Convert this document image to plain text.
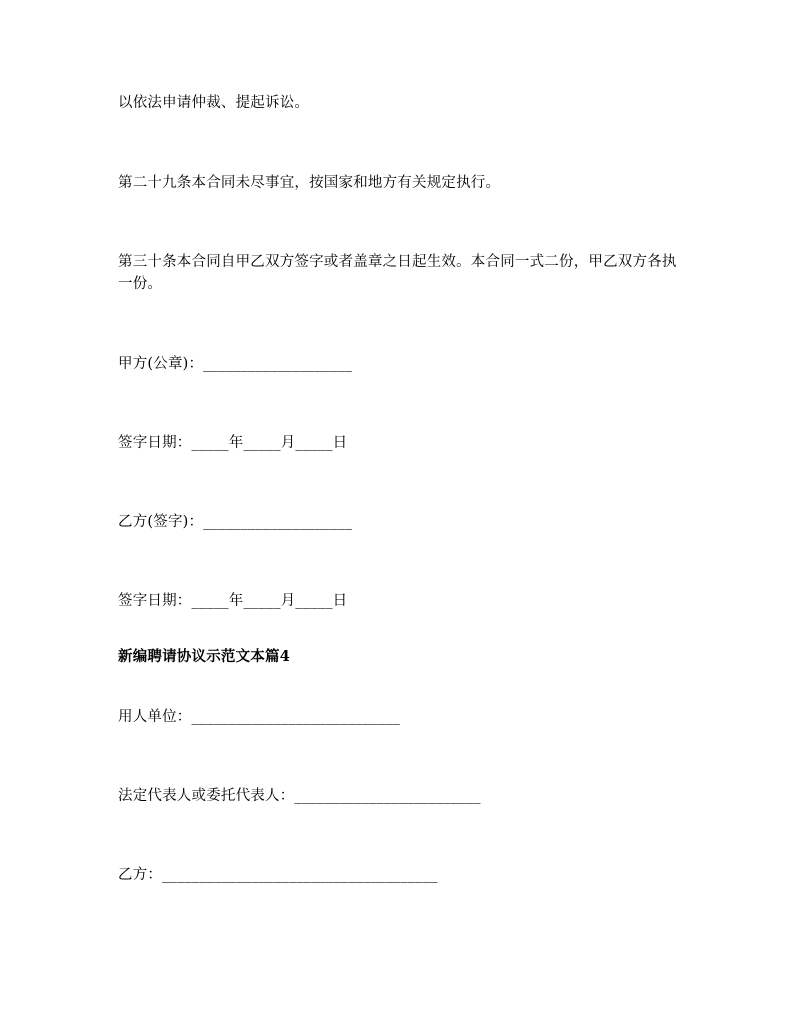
以依法申请仲裁、提起诉讼。
第二十九条本合同未尽事宜，按国家和地方有关规定执行。
第三十条本合同自甲乙双方签字或者盖章之日起生效。本合同一式二份，甲乙双方各执一份。
甲方(公章)：____________________
签字日期：_____年_____月_____日
乙方(签字)：____________________
签字日期：_____年_____月_____日
新编聘请协议示范文本篇4
用人单位：____________________________
法定代表人或委托代表人：_________________________
乙方：_____________________________________
